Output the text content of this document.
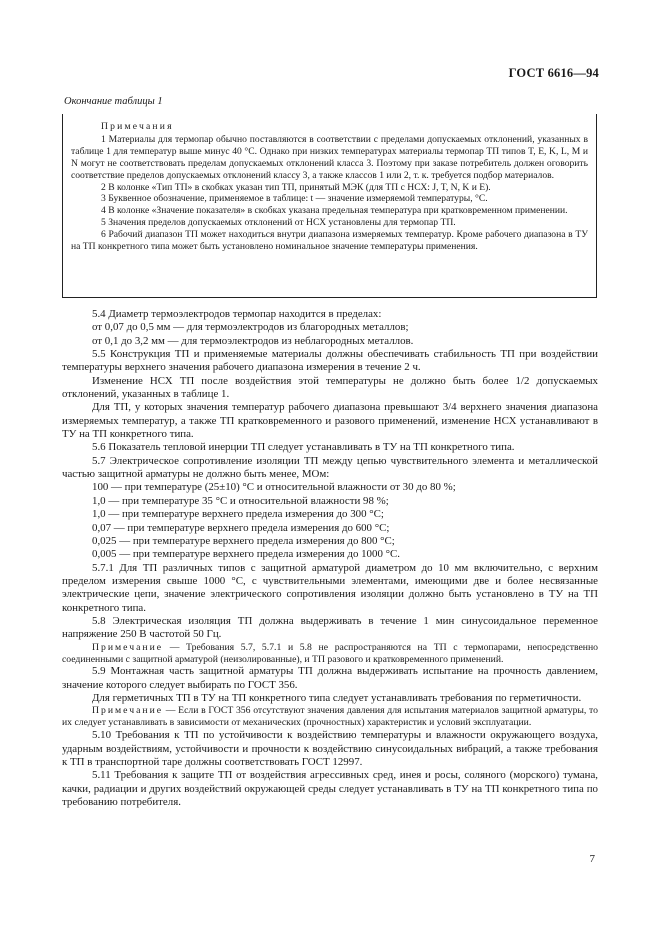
ГОСТ 6616—94
Окончание таблицы 1

Примечания

1 Материалы для термопар обычно поставляются в соответствии с пределами допускаемых отклонений, указанных в таблице 1 для температур выше минус 40 °С. Однако при низких температурах материалы термопар ТП типов T, E, K, L, M и N могут не соответствовать пределам допускаемых отклонений класса 3. Поэтому при заказе потребитель должен оговорить соответствие пределов допускаемых отклонений классу 3, а также классов 1 или 2, т. к. требуется подбор материалов.

2 В колонке «Тип ТП» в скобках указан тип ТП, принятый МЭК (для ТП с НСХ: J, T, N, K и E).

3 Буквенное обозначение, применяемое в таблице: t — значение измеряемой температуры, °С.

4 В колонке «Значение показателя» в скобках указана предельная температура при кратковременном применении.

5 Значения пределов допускаемых отклонений от НСХ установлены для термопар ТП.

6 Рабочий диапазон ТП может находиться внутри диапазона измеряемых температур. Кроме рабочего диапазона в ТУ на ТП конкретного типа может быть установлено номинальное значение температуры применения.

5.4 Диаметр термоэлектродов термопар находится в пределах:

от 0,07 до 0,5 мм — для термоэлектродов из благородных металлов;

от 0,1 до 3,2 мм — для термоэлектродов из неблагородных металлов.

5.5 Конструкция ТП и применяемые материалы должны обеспечивать стабильность ТП при воздействии температуры верхнего значения рабочего диапазона измерения в течение 2 ч.

Изменение НСХ ТП после воздействия этой температуры не должно быть более 1/2 допускаемых отклонений, указанных в таблице 1.

Для ТП, у которых значения температур рабочего диапазона превышают 3/4 верхнего значения диапазона измеряемых температур, а также ТП кратковременного и разового применений, изменение НСХ устанавливают в ТУ на ТП конкретного типа.

5.6 Показатель тепловой инерции ТП следует устанавливать в ТУ на ТП конкретного типа.

5.7 Электрическое сопротивление изоляции ТП между цепью чувствительного элемента и металлической частью защитной арматуры не должно быть менее, МОм:

100 — при температуре (25±10) °С и относительной влажности от 30 до 80 %;

1,0 — при температуре 35 °С и относительной влажности 98 %;

1,0 — при температуре верхнего предела измерения до 300 °С;

0,07 — при температуре верхнего предела измерения до 600 °С;

0,025 — при температуре верхнего предела измерения до 800 °С;

0,005 — при температуре верхнего предела измерения до 1000 °С.

5.7.1 Для ТП различных типов с защитной арматурой диаметром до 10 мм включительно, с верхним пределом измерения свыше 1000 °С, с чувствительными элементами, имеющими две и более несвязанные электрические цепи, значение электрического сопротивления изоляции должно быть установлено в ТУ на ТП конкретного типа.

5.8 Электрическая изоляция ТП должна выдерживать в течение 1 мин синусоидальное переменное напряжение 250 В частотой 50 Гц.

Примечание — Требования 5.7, 5.7.1 и 5.8 не распространяются на ТП с термопарами, непосредственно соединенными с защитной арматурой (неизолированные), и ТП разового и кратковременного применений.

5.9 Монтажная часть защитной арматуры ТП должна выдерживать испытание на прочность давлением, значение которого следует выбирать по ГОСТ 356.

Для герметичных ТП в ТУ на ТП конкретного типа следует устанавливать требования по герметичности.

Примечание — Если в ГОСТ 356 отсутствуют значения давления для испытания материалов защитной арматуры, то их следует устанавливать в зависимости от механических (прочностных) характеристик и условий эксплуатации.

5.10 Требования к ТП по устойчивости к воздействию температуры и влажности окружающего воздуха, ударным воздействиям, устойчивости и прочности к воздействию синусоидальных вибраций, а также требования к ТП в транспортной таре должны соответствовать ГОСТ 12997.

5.11 Требования к защите ТП от воздействия агрессивных сред, инея и росы, соляного (морского) тумана, качки, радиации и других воздействий окружающей среды следует устанавливать в ТУ на ТП конкретного типа по требованию потребителя.

7
